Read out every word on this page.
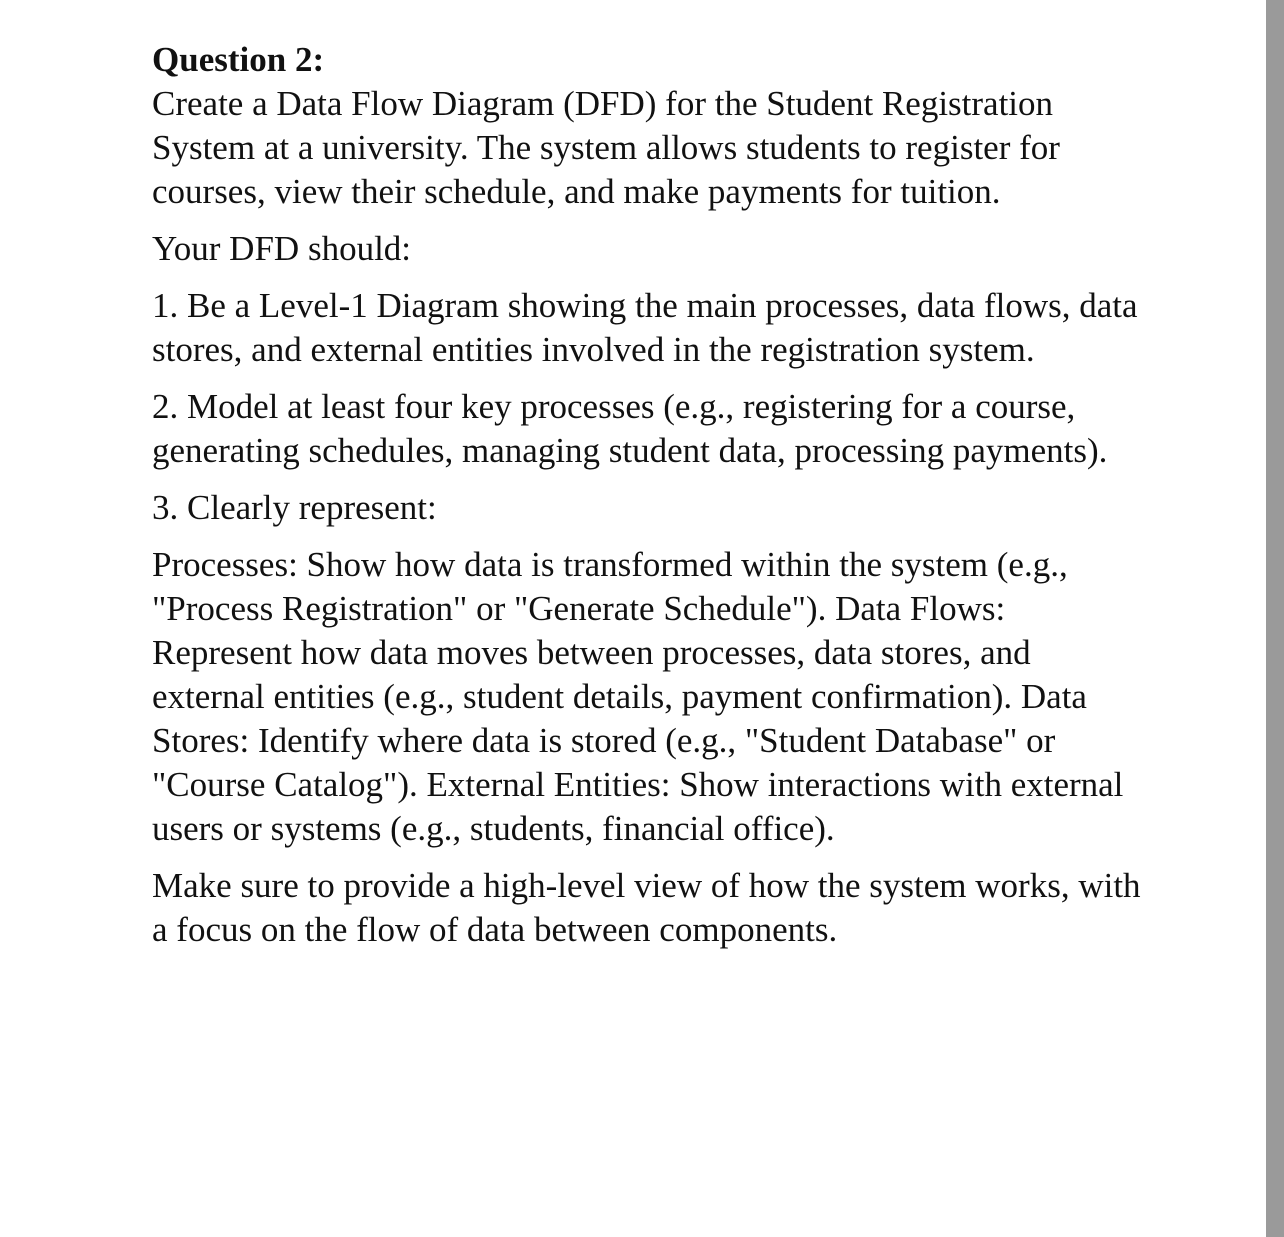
Question 2:
Create a Data Flow Diagram (DFD) for the Student Registration System at a university. The system allows students to register for courses, view their schedule, and make payments for tuition.

Your DFD should:

1. Be a Level-1 Diagram showing the main processes, data flows, data stores, and external entities involved in the registration system.

2. Model at least four key processes (e.g., registering for a course, generating schedules, managing student data, processing payments).

3. Clearly represent:

Processes: Show how data is transformed within the system (e.g., "Process Registration" or "Generate Schedule"). Data Flows: Represent how data moves between processes, data stores, and external entities (e.g., student details, payment confirmation). Data Stores: Identify where data is stored (e.g., "Student Database" or "Course Catalog"). External Entities: Show interactions with external users or systems (e.g., students, financial office).

Make sure to provide a high-level view of how the system works, with a focus on the flow of data between components.
